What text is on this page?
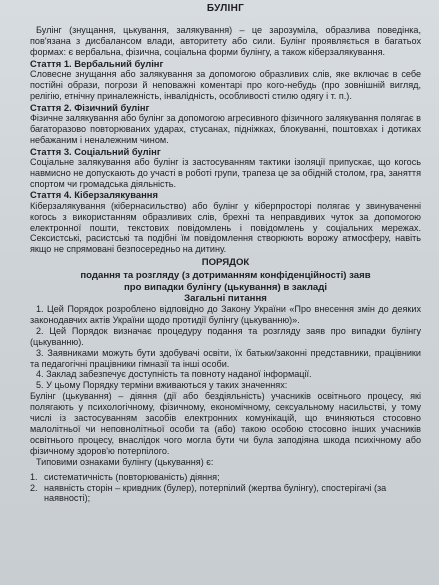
БУЛІНГ

Булінг (знущання, цькування, залякування) – це зарозуміла, образлива поведінка, пов'язана з дисбалансом влади, авторитету або сили. Булінг проявляється в багатьох формах: є вербальна, фізична, соціальна форми булінгу, а також кіберзалякування.

Стаття 1. Вербальний булінг

Словесне знущання або залякування за допомогою образливих слів, яке включає в себе постійні образи, погрози й неповажні коментарі про кого-небудь (про зовнішній вигляд, релігію, етнічну приналежність, інвалідність, особливості стилю одягу і т. п.).

Стаття 2. Фізичний булінг

Фізичне залякування або булінг за допомогою агресивного фізичного залякування полягає в багаторазово повторюваних ударах, стусанах, підніжках, блокуванні, поштовхах і дотиках небажаним і неналежним чином.

Стаття 3. Соціальний булінг

Соціальне залякування або булінг із застосуванням тактики ізоляції припускає, що когось навмисно не допускають до участі в роботі групи, трапеза це за обідній столом, гра, заняття спортом чи громадська діяльність.

Стаття 4. Кіберзалякування

Кіберзалякування (кібернасильство) або булінг у кіберпросторі полягає у звинуваченні когось з використанням образливих слів, брехні та неправдивих чуток за допомогою електронної пошти, текстових повідомлень і повідомлень у соціальних мережах. Сексистські, расистські та подібні їм повідомлення створюють ворожу атмосферу, навіть якщо не спрямовані безпосередньо на дитину.

ПОРЯДОК
подання та розгляду (з дотриманням конфіденційності) заяв
про випадки булінгу (цькування) в закладі
Загальні питання

1. Цей Порядок розроблено відповідно до Закону України «Про внесення змін до деяких законодавчих актів України щодо протидії булінгу (цькуванню)».

2. Цей Порядок визначає процедуру подання та розгляду заяв про випадки булінгу (цькуванню).

3. Заявниками можуть бути здобувачі освіти, їх батьки/законні представники, працівники та педагогічні працівники гімназії та інші особи.

4. Заклад забезпечує доступність та повноту наданої інформації.

5. У цьому Порядку терміни вживаються у таких значеннях:

Булінг (цькування) – діяння (дії або бездіяльність) учасників освітнього процесу, які полягають у психологічному, фізичному, економічному, сексуальному насильстві, у тому числі із застосуванням засобів електронних комунікацій, що вчиняються стосовно малолітньої чи неповнолітньої особи та (або) такою особою стосовно інших учасників освітнього процесу, внаслідок чого могла бути чи була заподіяна шкода психічному або фізичному здоров'ю потерпілого.

Типовими ознаками булінгу (цькування) є:

1. систематичність (повторюваність) діяння;
2. наявність сторін – кривдник (булер), потерпілий (жертва булінгу), спостерігачі (за наявності);
